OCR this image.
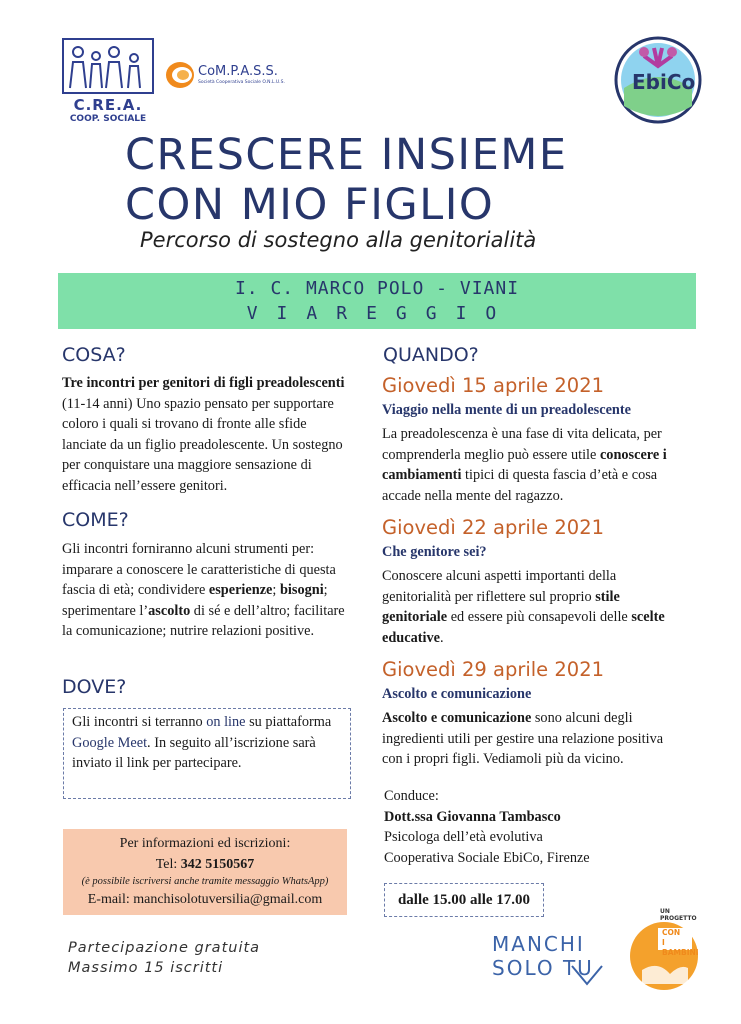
C.RE.A.
COOP. SOCIALE
CoM.P.A.S.S.
Società Cooperativa Sociale O.N.L.U.S.	EbiCo
CRESCERE INSIEME
CON MIO FIGLIO
Percorso di sostegno alla genitorialità
I. C. MARCO POLO - VIANI
VIAREGGIO
COSA?
Tre incontri per genitori di figli preadolescenti (11-14 anni) Uno spazio pensato per supportare coloro i quali si trovano di fronte alle sfide lanciate da un figlio preadolescente. Un sostegno per conquistare una maggiore sensazione di efficacia nell’essere genitori.
COME?
Gli incontri forniranno alcuni strumenti per: imparare a conoscere le caratteristiche di questa fascia di età; condividere esperienze; bisogni; sperimentare l’ascolto di sé e dell’altro; facilitare la comunicazione; nutrire relazioni positive.
DOVE?
Gli incontri si terranno on line su piattaforma Google Meet. In seguito all’iscrizione sarà inviato il link per partecipare.
Per informazioni ed iscrizioni:
Tel: 342 5150567
(è possibile iscriversi anche tramite messaggio WhatsApp)
E-mail: manchisolotuversilia@gmail.com
Partecipazione gratuita
Massimo 15 iscritti
QUANDO?
Giovedì 15 aprile 2021
Viaggio nella mente di un preadolescente
La preadolescenza è una fase di vita delicata, per comprenderla meglio può essere utile conoscere i cambiamenti tipici di questa fascia d’età e cosa accade nella mente del ragazzo.
Giovedì 22 aprile 2021
Che genitore sei?
Conoscere alcuni aspetti importanti della genitorialità per riflettere sul proprio stile genitoriale ed essere più consapevoli delle scelte educative.
Giovedì 29 aprile 2021
Ascolto e comunicazione
Ascolto e comunicazione sono alcuni degli ingredienti utili per gestire una relazione positiva con i propri figli. Vediamoli più da vicino.
Conduce:
Dott.ssa Giovanna Tambasco
Psicologa dell’età evolutiva
Cooperativa Sociale EbiCo, Firenze
dalle 15.00 alle 17.00
MANCHI
SOLO TU
UN PROGETTO
CON
I BAMBINI
